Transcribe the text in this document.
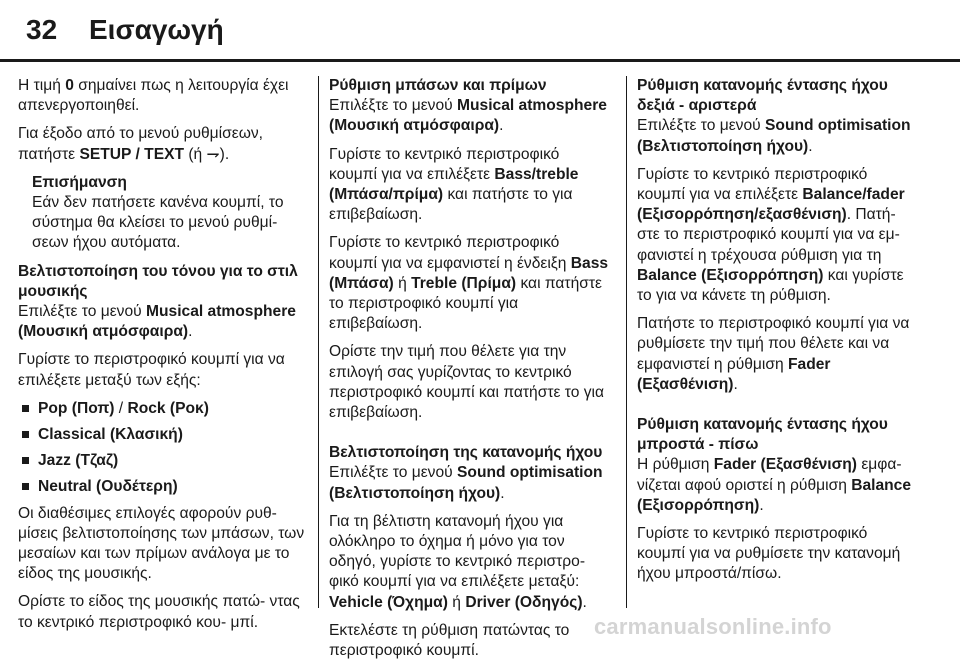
32 Εισαγωγή

Η τιμή 0 σημαίνει πως η λειτουργία έχει απενεργοποιηθεί.

Για έξοδο από το μενού ρυθμίσεων, πατήστε SETUP / TEXT (ή ⇁).

Επισήμανση
Εάν δεν πατήσετε κανένα κουμπί, το σύστημα θα κλείσει το μενού ρυθμί- σεων ήχου αυτόματα.

Βελτιστοποίηση του τόνου για το στιλ μουσικής

Επιλέξτε το μενού Musical atmosphere (Μουσική ατμόσφαιρα).

Γυρίστε το περιστροφικό κουμπί για να επιλέξετε μεταξύ των εξής:

Pop (Ποπ) / Rock (Ροκ)
Classical (Κλασική)
Jazz (Τζαζ)
Neutral (Ουδέτερη)

Οι διαθέσιμες επιλογές αφορούν ρυθ- μίσεις βελτιστοποίησης των μπάσων, των μεσαίων και των πρίμων ανάλογα με το είδος της μουσικής.

Ορίστε το είδος της μουσικής πατώ- ντας το κεντρικό περιστροφικό κου- μπί.

Ρύθμιση μπάσων και πρίμων

Επιλέξτε το μενού Musical atmosphere (Μουσική ατμόσφαιρα).

Γυρίστε το κεντρικό περιστροφικό κουμπί για να επιλέξετε Bass/treble (Μπάσα/πρίμα) και πατήστε το για επιβεβαίωση.

Γυρίστε το κεντρικό περιστροφικό κουμπί για να εμφανιστεί η ένδειξη Bass (Μπάσα) ή Treble (Πρίμα) και πατήστε το περιστροφικό κουμπί για επιβεβαίωση.

Ορίστε την τιμή που θέλετε για την επιλογή σας γυρίζοντας το κεντρικό περιστροφικό κουμπί και πατήστε το για επιβεβαίωση.

Βελτιστοποίηση της κατανομής ήχου

Επιλέξτε το μενού Sound optimisation (Βελτιστοποίηση ήχου).

Για τη βέλτιστη κατανομή ήχου για ολόκληρο το όχημα ή μόνο για τον οδηγό, γυρίστε το κεντρικό περιστρο- φικό κουμπί για να επιλέξετε μεταξύ: Vehicle (Όχημα) ή Driver (Οδηγός).

Εκτελέστε τη ρύθμιση πατώντας το περιστροφικό κουμπί.

Ρύθμιση κατανομής έντασης ήχου δεξιά - αριστερά

Επιλέξτε το μενού Sound optimisation (Βελτιστοποίηση ήχου).

Γυρίστε το κεντρικό περιστροφικό κουμπί για να επιλέξετε Balance/fader (Εξισορρόπηση/εξασθένιση). Πατή- στε το περιστροφικό κουμπί για να εμ- φανιστεί η τρέχουσα ρύθμιση για τη Balance (Εξισορρόπηση) και γυρίστε το για να κάνετε τη ρύθμιση.

Πατήστε το περιστροφικό κουμπί για να ρυθμίσετε την τιμή που θέλετε και να εμφανιστεί η ρύθμιση Fader (Εξασθένιση).

Ρύθμιση κατανομής έντασης ήχου μπροστά - πίσω

Η ρύθμιση Fader (Εξασθένιση) εμφα- νίζεται αφού οριστεί η ρύθμιση Balance (Εξισορρόπηση).

Γυρίστε το κεντρικό περιστροφικό κουμπί για να ρυθμίσετε την κατανομή ήχου μπροστά/πίσω.

carmanualsonline.info
